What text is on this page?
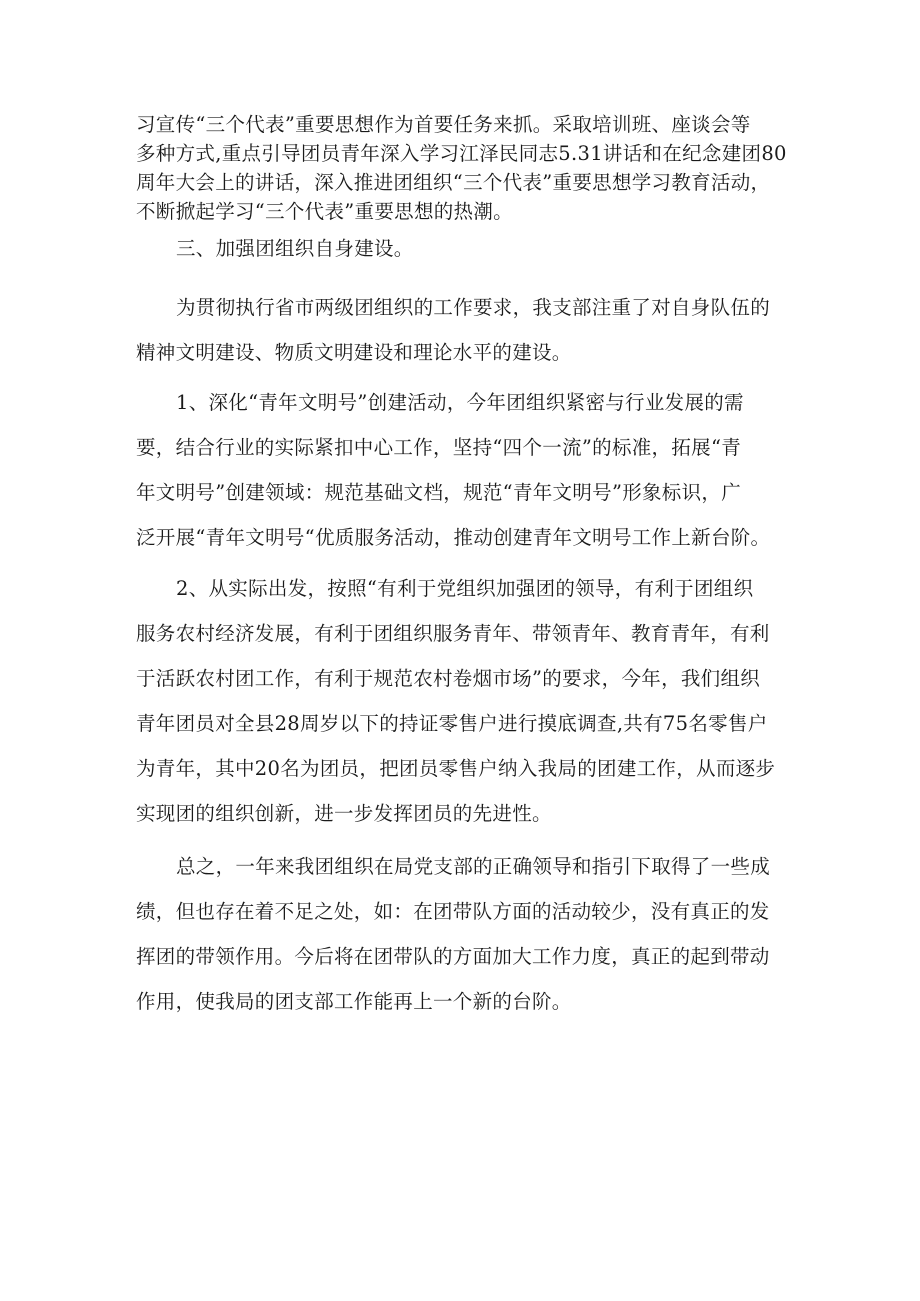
习宣传“三个代表”重要思想作为首要任务来抓。采取培训班、座谈会等
多种方式,重点引导团员青年深入学习江泽民同志5.31讲话和在纪念建团80
周年大会上的讲话，深入推进团组织“三个代表”重要思想学习教育活动，
不断掀起学习“三个代表”重要思想的热潮。
三、加强团组织自身建设。
为贯彻执行省市两级团组织的工作要求，我支部注重了对自身队伍的
精神文明建设、物质文明建设和理论水平的建设。
1、深化“青年文明号”创建活动，今年团组织紧密与行业发展的需
要，结合行业的实际紧扣中心工作，坚持“四个一流”的标准，拓展“青
年文明号”创建领域：规范基础文档，规范“青年文明号”形象标识，广
泛开展“青年文明号“优质服务活动，推动创建青年文明号工作上新台阶。
2、从实际出发，按照“有利于党组织加强团的领导，有利于团组织
服务农村经济发展，有利于团组织服务青年、带领青年、教育青年，有利
于活跃农村团工作，有利于规范农村卷烟市场”的要求，今年，我们组织
青年团员对全县28周岁以下的持证零售户进行摸底调查,共有75名零售户
为青年，其中20名为团员，把团员零售户纳入我局的团建工作，从而逐步
实现团的组织创新，进一步发挥团员的先进性。
总之，一年来我团组织在局党支部的正确领导和指引下取得了一些成
绩，但也存在着不足之处，如：在团带队方面的活动较少，没有真正的发
挥团的带领作用。今后将在团带队的方面加大工作力度，真正的起到带动
作用，使我局的团支部工作能再上一个新的台阶。
